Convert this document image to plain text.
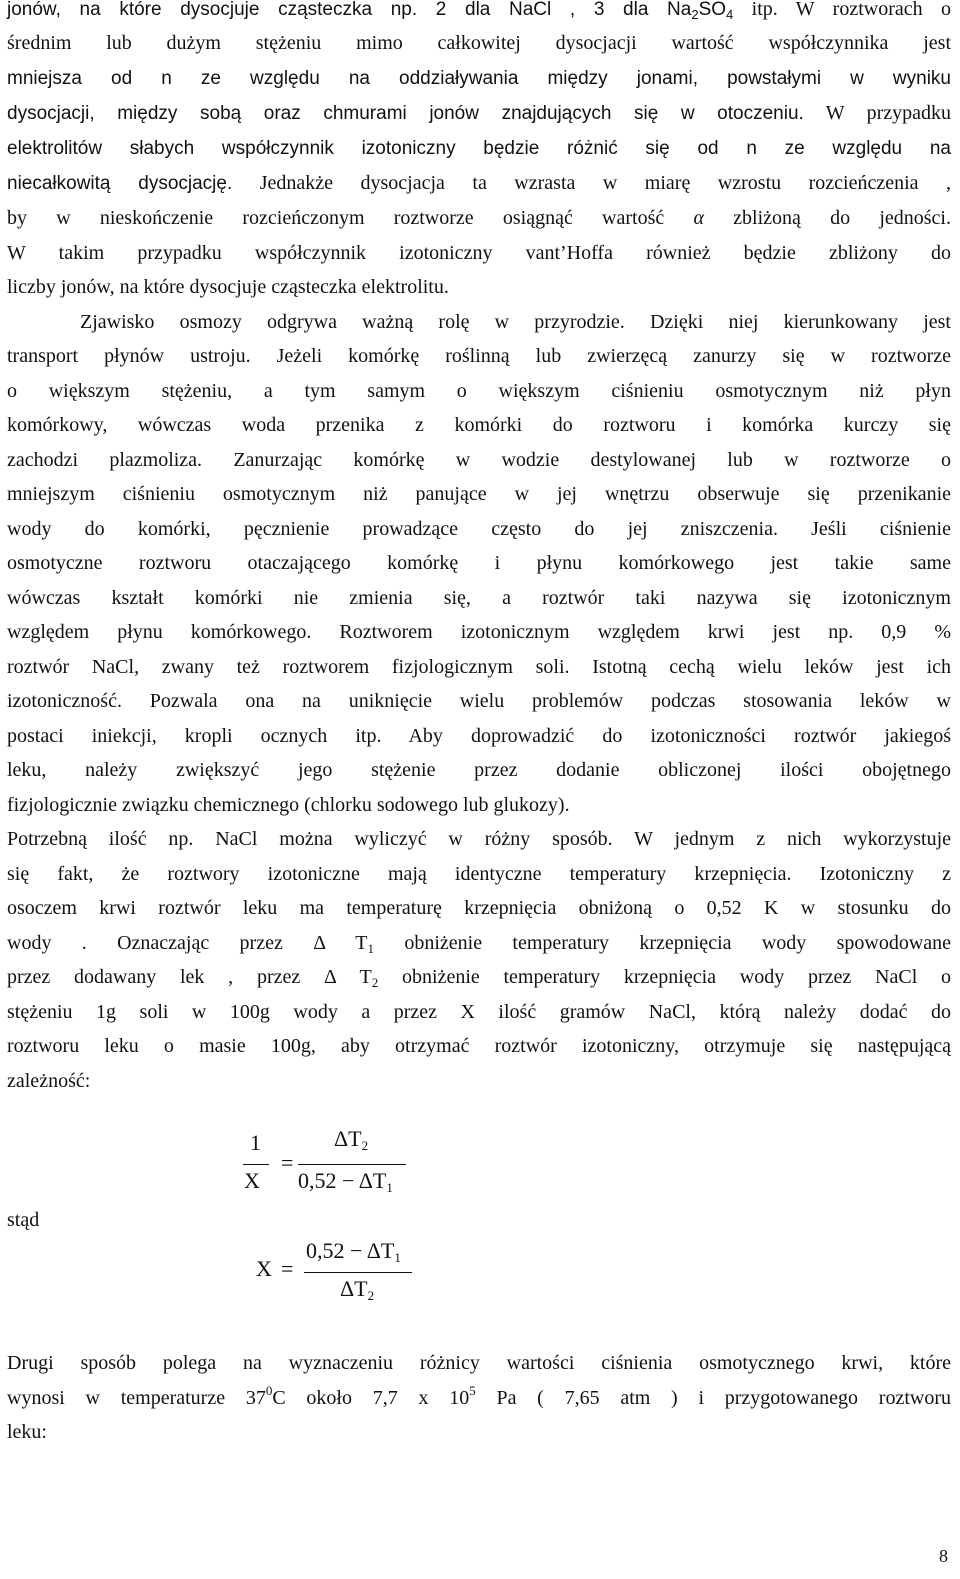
jonów, na które dysocjuje cząsteczka np. 2 dla NaCl , 3 dla $Na_2SO_4$ itp. W roztworach o
średnim lub dużym stężeniu mimo całkowitej dysocjacji wartość współczynnika jest
mniejsza od n ze względu na oddziaływania między jonami, powstałymi w wyniku
dysocjacji, między sobą oraz chmurami jonów znajdujących się w otoczeniu. W przypadku
elektrolitów słabych współczynnik izotoniczny będzie różnić się od n ze względu na
niecałkowitą dysocjację. Jednakże dysocjacja ta wzrasta w miarę wzrostu rozcieńczenia ,
by w nieskończenie rozcieńczonym roztworze osiągnąć wartość α zbliżoną do jedności.
W takim przypadku współczynnik izotoniczny vant’Hoffa również będzie zbliżony do
liczby jonów, na które dysocjuje cząsteczka elektrolitu.
Zjawisko osmozy odgrywa ważną rolę w przyrodzie. Dzięki niej kierunkowany jest
transport płynów ustroju. Jeżeli komórkę roślinną lub zwierzęcą zanurzy się w roztworze
o większym stężeniu, a tym samym o większym ciśnieniu osmotycznym niż płyn
komórkowy, wówczas woda przenika z komórki do roztworu i komórka kurczy się
zachodzi plazmoliza. Zanurzając komórkę w wodzie destylowanej lub w roztworze o
mniejszym ciśnieniu osmotycznym niż panujące w jej wnętrzu obserwuje się przenikanie
wody do komórki, pęcznienie prowadzące często do jej zniszczenia. Jeśli ciśnienie
osmotyczne roztworu otaczającego komórkę i płynu komórkowego jest takie same
wówczas kształt komórki nie zmienia się, a roztwór taki nazywa się izotonicznym
względem płynu komórkowego. Roztworem izotonicznym względem krwi jest np. 0,9 %
roztwór NaCl, zwany też roztworem fizjologicznym soli. Istotną cechą wielu leków jest ich
izotoniczność. Pozwala ona na uniknięcie wielu problemów podczas stosowania leków w
postaci iniekcji, kropli ocznych itp. Aby doprowadzić do izotoniczności roztwór jakiegoś
leku, należy zwiększyć jego stężenie przez dodanie obliczonej ilości obojętnego
fizjologicznie związku chemicznego (chlorku sodowego lub glukozy).
Potrzebną ilość np. NaCl można wyliczyć w różny sposób. W jednym z nich wykorzystuje
się fakt, że roztwory izotoniczne mają identyczne temperatury krzepnięcia. Izotoniczny z
osoczem krwi roztwór leku ma temperaturę krzepnięcia obniżoną o 0,52 K w stosunku do
wody . Oznaczając przez Δ $T_1$ obniżenie temperatury krzepnięcia wody spowodowane
przez dodawany lek , przez Δ $T_2$ obniżenie temperatury krzepnięcia wody przez NaCl o
stężeniu 1g soli w 100g wody a przez X ilość gramów NaCl, którą należy dodać do
roztworu leku o masie 100g, aby otrzymać roztwór izotoniczny, otrzymuje się następującą
zależność:
1
X
=
$\Delta T_2$
$0,52 - \Delta T_1$
stąd
X =
$0,52 - \Delta T_1$
$\Delta T_2$
Drugi sposób polega na wyznaczeniu różnicy wartości ciśnienia osmotycznego krwi, które
wynosi w temperaturze $37^0C$ około 7,7 x $10^5$ Pa ( 7,65 atm ) i przygotowanego roztworu
leku:
8
